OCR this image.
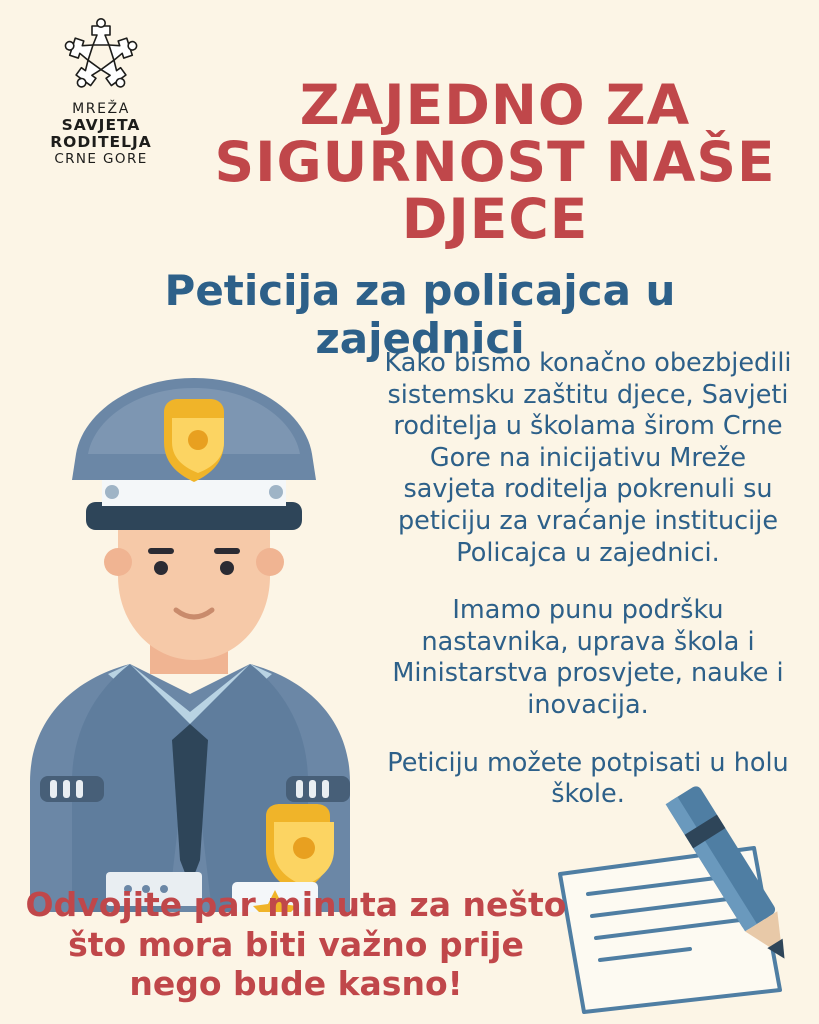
MREŽA
SAVJETA
RODITELJA
CRNE GORE
ZAJEDNO ZA SIGURNOST NAŠE DJECE
Peticija za policajca u zajednici

Kako bismo konačno obezbjedili sistemsku zaštitu djece, Savjeti roditelja u školama širom Crne Gore na inicijativu Mreže savjeta roditelja pokrenuli su peticiju za vraćanje institucije Policajca u zajednici.

Imamo punu podršku nastavnika, uprava škola i Ministarstva prosvjete, nauke i inovacija.

Peticiju možete potpisati u holu škole.

Odvojite par minuta za nešto što mora biti važno prije nego bude kasno!
